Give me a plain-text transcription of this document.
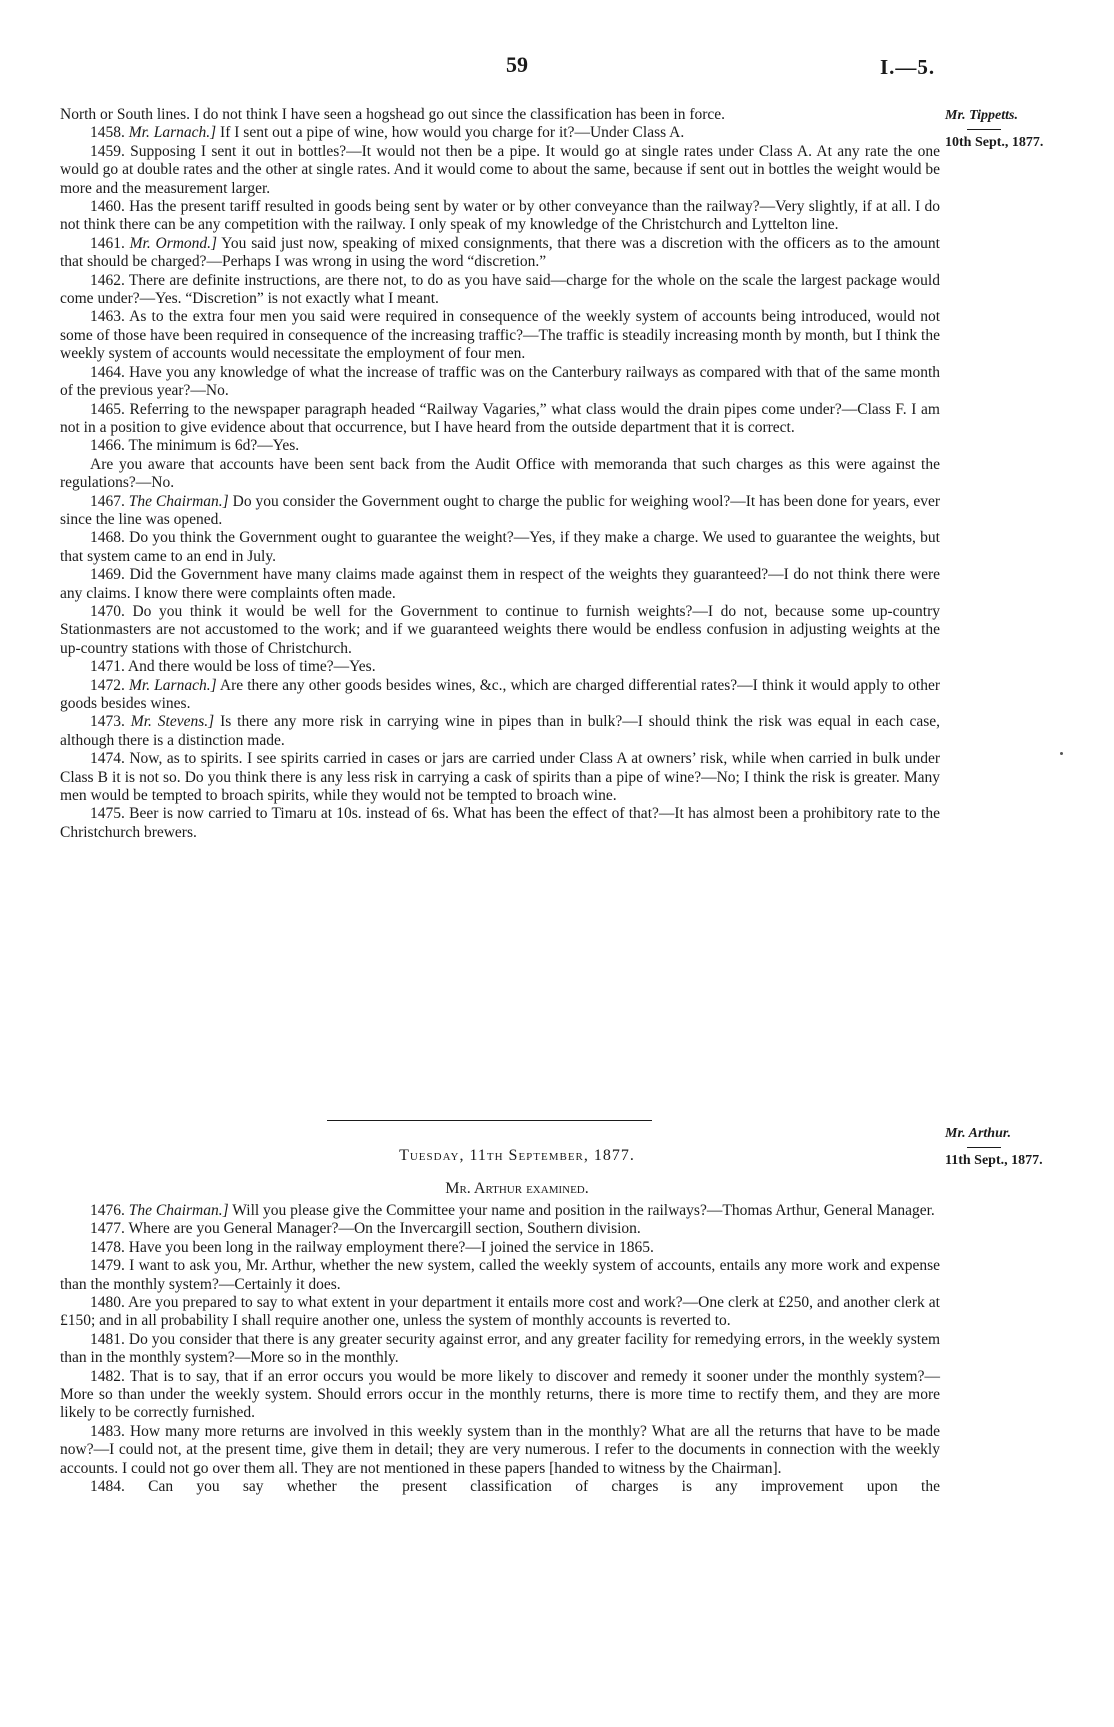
59	I.—5.
Mr. Tippetts.
10th Sept., 1877.

North or South lines. I do not think I have seen a hogshead go out since the classification has been in force.

1458. Mr. Larnach.] If I sent out a pipe of wine, how would you charge for it?—Under Class A.

1459. Supposing I sent it out in bottles?—It would not then be a pipe. It would go at single rates under Class A. At any rate the one would go at double rates and the other at single rates. And it would come to about the same, because if sent out in bottles the weight would be more and the measurement larger.

1460. Has the present tariff resulted in goods being sent by water or by other conveyance than the railway?—Very slightly, if at all. I do not think there can be any competition with the railway. I only speak of my knowledge of the Christchurch and Lyttelton line.

1461. Mr. Ormond.] You said just now, speaking of mixed consignments, that there was a discretion with the officers as to the amount that should be charged?—Perhaps I was wrong in using the word “discretion.”

1462. There are definite instructions, are there not, to do as you have said—charge for the whole on the scale the largest package would come under?—Yes. “Discretion” is not exactly what I meant.

1463. As to the extra four men you said were required in consequence of the weekly system of accounts being introduced, would not some of those have been required in consequence of the increasing traffic?—The traffic is steadily increasing month by month, but I think the weekly system of accounts would necessitate the employment of four men.

1464. Have you any knowledge of what the increase of traffic was on the Canterbury railways as compared with that of the same month of the previous year?—No.

1465. Referring to the newspaper paragraph headed “Railway Vagaries,” what class would the drain pipes come under?—Class F. I am not in a position to give evidence about that occurrence, but I have heard from the outside department that it is correct.

1466. The minimum is 6d?—Yes.

Are you aware that accounts have been sent back from the Audit Office with memoranda that such charges as this were against the regulations?—No.

1467. The Chairman.] Do you consider the Government ought to charge the public for weighing wool?—It has been done for years, ever since the line was opened.

1468. Do you think the Government ought to guarantee the weight?—Yes, if they make a charge. We used to guarantee the weights, but that system came to an end in July.

1469. Did the Government have many claims made against them in respect of the weights they guaranteed?—I do not think there were any claims. I know there were complaints often made.

1470. Do you think it would be well for the Government to continue to furnish weights?—I do not, because some up-country Stationmasters are not accustomed to the work; and if we guaranteed weights there would be endless confusion in adjusting weights at the up-country stations with those of Christchurch.

1471. And there would be loss of time?—Yes.

1472. Mr. Larnach.] Are there any other goods besides wines, &c., which are charged differential rates?—I think it would apply to other goods besides wines.

1473. Mr. Stevens.] Is there any more risk in carrying wine in pipes than in bulk?—I should think the risk was equal in each case, although there is a distinction made.

1474. Now, as to spirits. I see spirits carried in cases or jars are carried under Class A at owners’ risk, while when carried in bulk under Class B it is not so. Do you think there is any less risk in carrying a cask of spirits than a pipe of wine?—No; I think the risk is greater. Many men would be tempted to broach spirits, while they would not be tempted to broach wine.

1475. Beer is now carried to Timaru at 10s. instead of 6s. What has been the effect of that?—It has almost been a prohibitory rate to the Christchurch brewers.

Mr. Arthur.
11th Sept., 1877.
Tuesday, 11th September, 1877.
Mr. Arthur examined.

1476. The Chairman.] Will you please give the Committee your name and position in the railways?—Thomas Arthur, General Manager.

1477. Where are you General Manager?—On the Invercargill section, Southern division.

1478. Have you been long in the railway employment there?—I joined the service in 1865.

1479. I want to ask you, Mr. Arthur, whether the new system, called the weekly system of accounts, entails any more work and expense than the monthly system?—Certainly it does.

1480. Are you prepared to say to what extent in your department it entails more cost and work?—One clerk at £250, and another clerk at £150; and in all probability I shall require another one, unless the system of monthly accounts is reverted to.

1481. Do you consider that there is any greater security against error, and any greater facility for remedying errors, in the weekly system than in the monthly system?—More so in the monthly.

1482. That is to say, that if an error occurs you would be more likely to discover and remedy it sooner under the monthly system?—More so than under the weekly system. Should errors occur in the monthly returns, there is more time to rectify them, and they are more likely to be correctly furnished.

1483. How many more returns are involved in this weekly system than in the monthly? What are all the returns that have to be made now?—I could not, at the present time, give them in detail; they are very numerous. I refer to the documents in connection with the weekly accounts. I could not go over them all. They are not mentioned in these papers [handed to witness by the Chairman].

1484. Can you say whether the present classification of charges is any improvement upon the
